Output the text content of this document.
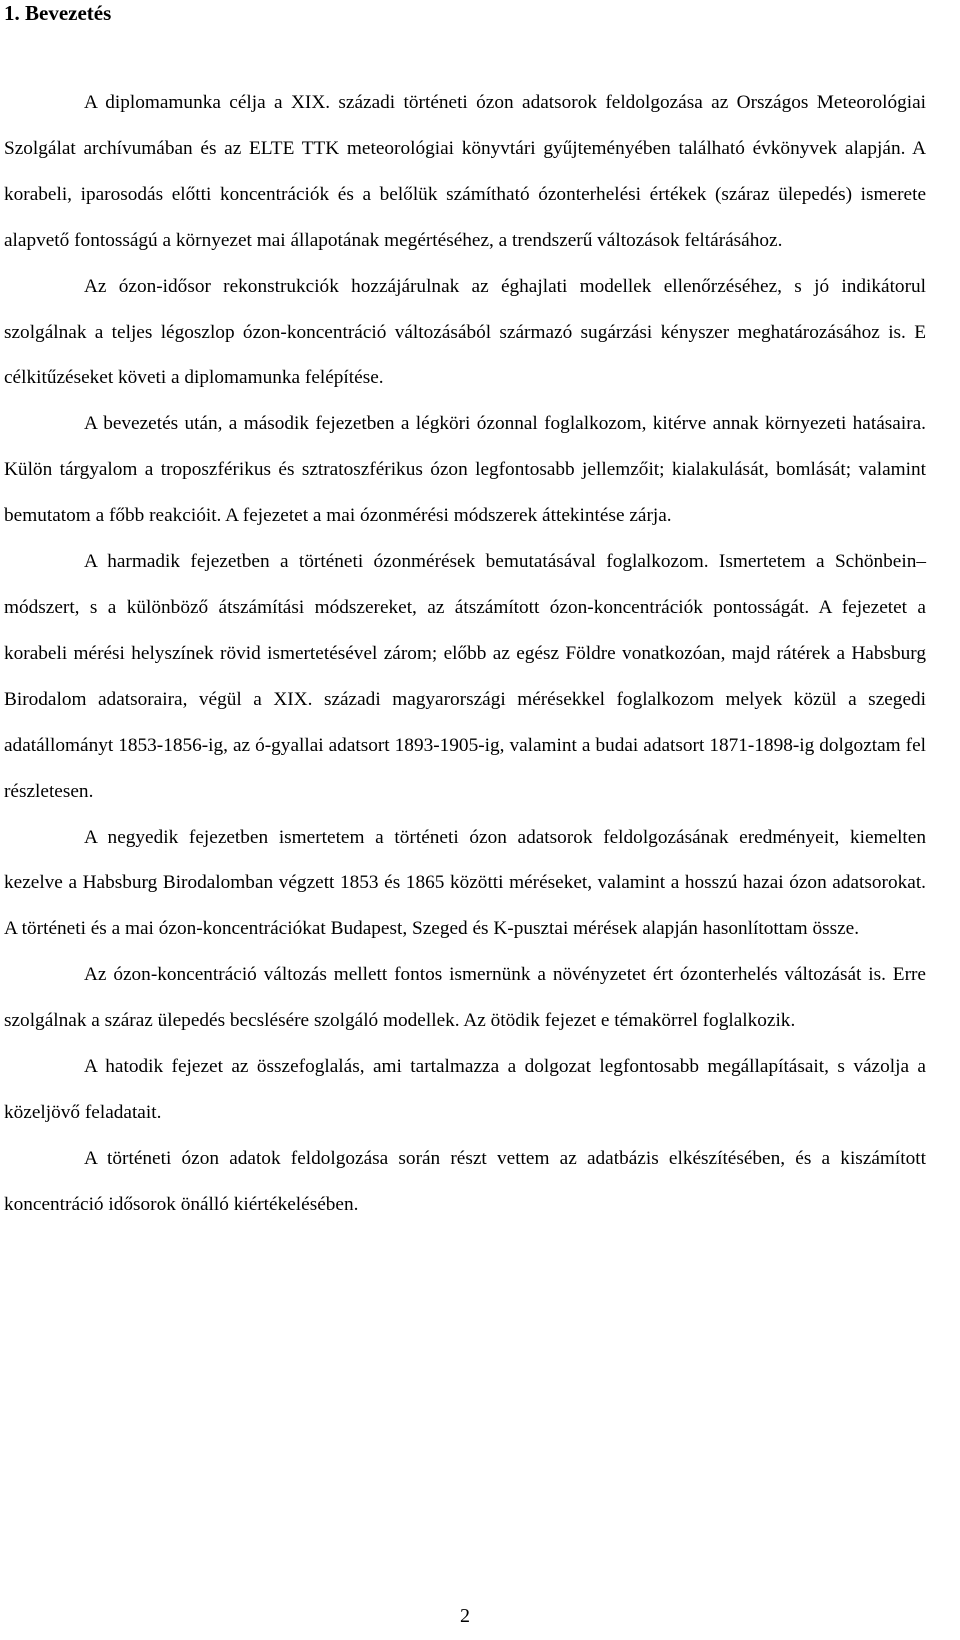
1. Bevezetés

A diplomamunka célja a XIX. századi történeti ózon adatsorok feldolgozása az Országos Meteorológiai Szolgálat archívumában és az ELTE TTK meteorológiai könyvtári gyűjteményében található évkönyvek alapján. A korabeli, iparosodás előtti koncentrációk és a belőlük számítható ózonterhelési értékek (száraz ülepedés) ismerete alapvető fontosságú a környezet mai állapotának megértéséhez, a trendszerű változások feltárásához.

Az ózon-idősor rekonstrukciók hozzájárulnak az éghajlati modellek ellenőrzéséhez, s jó indikátorul szolgálnak a teljes légoszlop ózon-koncentráció változásából származó sugárzási kényszer meghatározásához is. E célkitűzéseket követi a diplomamunka felépítése.

A bevezetés után, a második fejezetben a légköri ózonnal foglalkozom, kitérve annak környezeti hatásaira. Külön tárgyalom a troposzférikus és sztratoszférikus ózon legfontosabb jellemzőit; kialakulását, bomlását; valamint bemutatom a főbb reakcióit. A fejezetet a mai ózonmérési módszerek áttekintése zárja.

A harmadik fejezetben a történeti ózonmérések bemutatásával foglalkozom. Ismertetem a Schönbein–módszert, s a különböző átszámítási módszereket, az átszámított ózon-koncentrációk pontosságát. A fejezetet a korabeli mérési helyszínek rövid ismertetésével zárom; előbb az egész Földre vonatkozóan, majd rátérek a Habsburg Birodalom adatsoraira, végül a XIX. századi magyarországi mérésekkel foglalkozom melyek közül a szegedi adatállományt 1853-1856-ig, az ó-gyallai adatsort 1893-1905-ig, valamint a budai adatsort 1871-1898-ig dolgoztam fel részletesen.

A negyedik fejezetben ismertetem a történeti ózon adatsorok feldolgozásának eredményeit, kiemelten kezelve a Habsburg Birodalomban végzett 1853 és 1865 közötti méréseket, valamint a hosszú hazai ózon adatsorokat. A történeti és a mai ózon-koncentrációkat Budapest, Szeged és K-pusztai mérések alapján hasonlítottam össze.

Az ózon-koncentráció változás mellett fontos ismernünk a növényzetet ért ózonterhelés változását is. Erre szolgálnak a száraz ülepedés becslésére szolgáló modellek. Az ötödik fejezet e témakörrel foglalkozik.

A hatodik fejezet az összefoglalás, ami tartalmazza a dolgozat legfontosabb megállapításait, s vázolja a közeljövő feladatait.

A történeti ózon adatok feldolgozása során részt vettem az adatbázis elkészítésében, és a kiszámított koncentráció idősorok önálló kiértékelésében.

2
